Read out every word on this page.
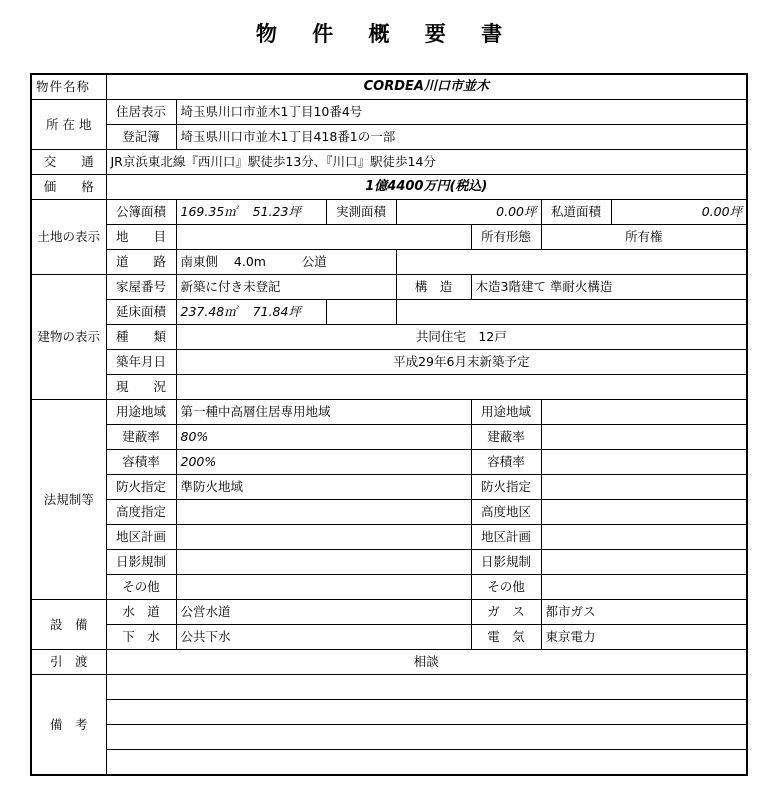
物 件 概 要 書
物件名称	CORDEA川口市並木						
所 在 地	住居表示	埼玉県川口市並木1丁目10番4号					
	登記簿	埼玉県川口市並木1丁目418番1の一部					
交　　通	JR京浜東北線『西川口』駅徒歩13分、『川口』駅徒歩14分						
価　　格	1億4400万円(税込)						
土地の表示	公簿面積	169.35㎡ 51.23坪	実測面積	0.00坪		私道面積	0.00坪
	地　　目				所有形態	所有権	
	道　　路	南東側 4.0m 公道					
建物の表示	家屋番号	新築に付き未登記		構　造	木造3階建て 準耐火構造		
	延床面積	237.48㎡ 71.84坪					
	種　　類	共同住宅　12戸					
	築年月日	平成29年6月末新築予定					
	現　　況						
法規制等	用途地域	第一種中高層住居専用地域			用途地域		
	建蔽率	80%			建蔽率		
	容積率	200%			容積率		
	防火指定	準防火地域			防火指定		
	高度指定				高度地区		
	地区計画				地区計画		
	日影規制				日影規制		
	その他				その他		
設　備	水　道	公営水道			ガ　ス	都市ガス	
	下　水	公共下水			電　気	東京電力	
引　渡	相談						
備　考							
